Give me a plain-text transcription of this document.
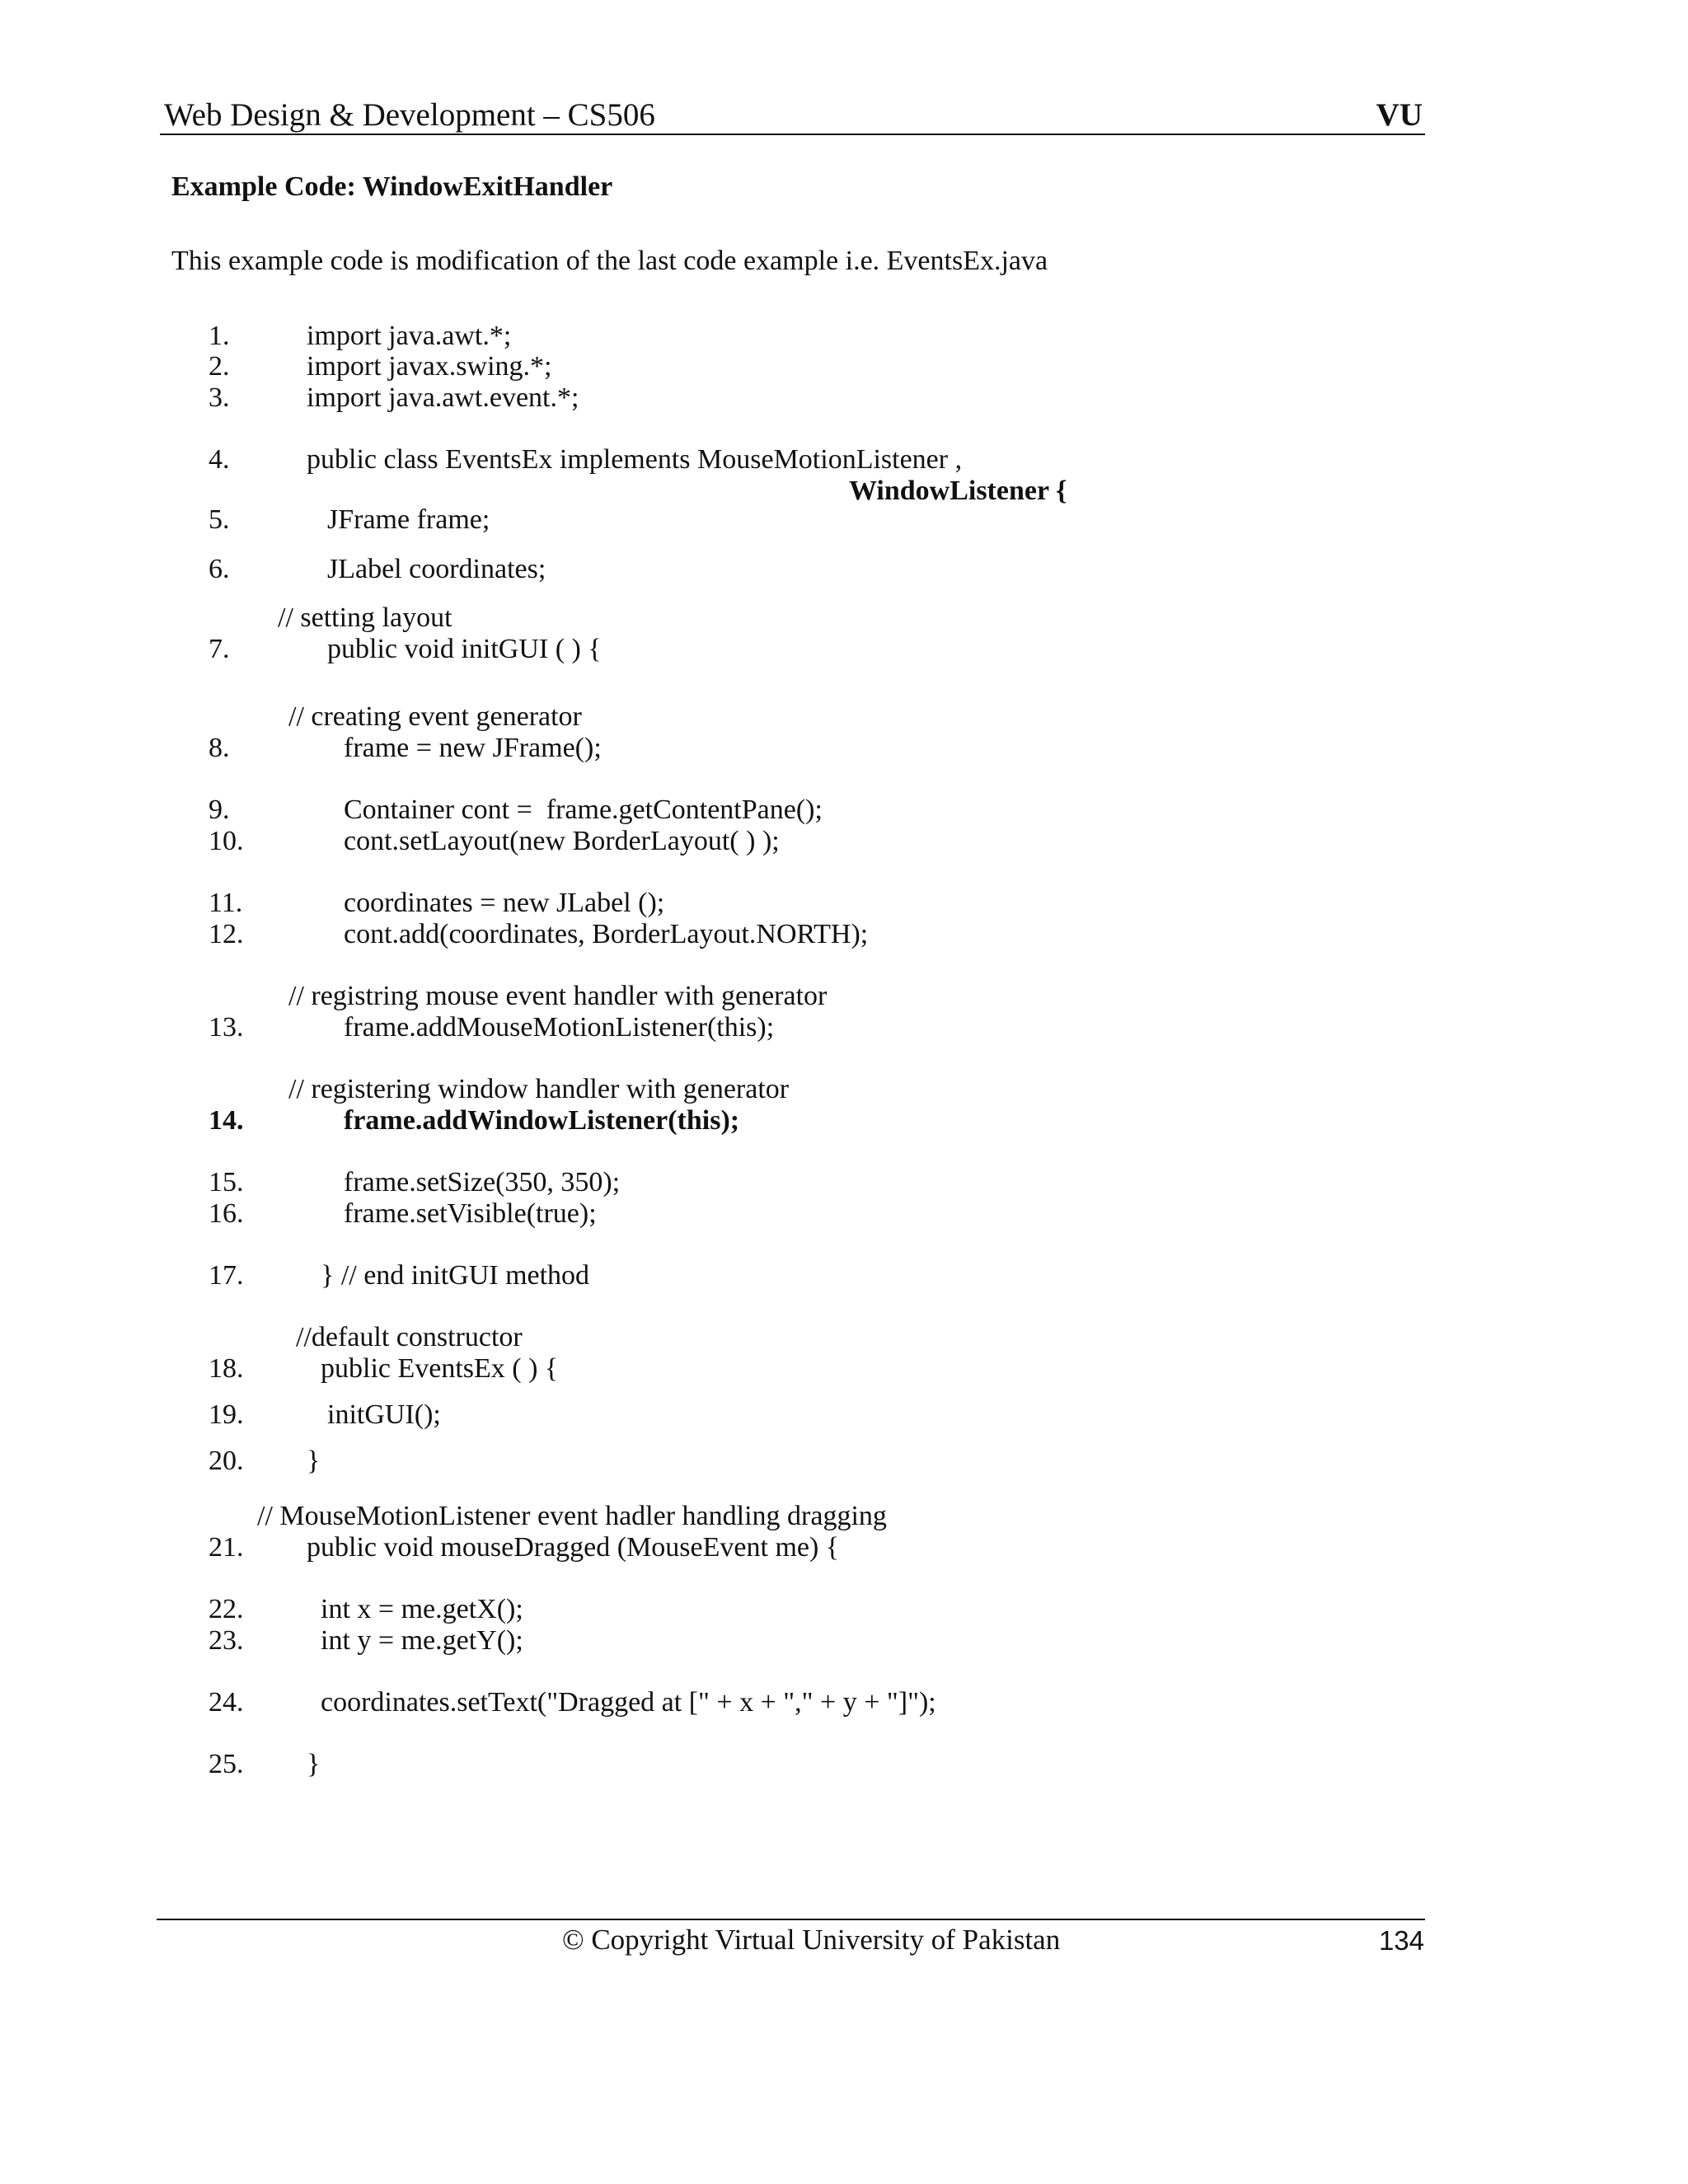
Web Design & Development – CS506	VU
Example Code: WindowExitHandler
This example code is modification of the last code example i.e. EventsEx.java
1.	import java.awt.*;
2.	import javax.swing.*;
3.	import java.awt.event.*;
4.	public class EventsEx implements MouseMotionListener ,
WindowListener {
5.	JFrame frame;
6.	JLabel coordinates;
// setting layout
7.	public void initGUI ( ) {
// creating event generator
8.	frame = new JFrame();
9.	Container cont =  frame.getContentPane();
10.	cont.setLayout(new BorderLayout( ) );
11.	coordinates = new JLabel ();
12.	cont.add(coordinates, BorderLayout.NORTH);
// registring mouse event handler with generator
13.	frame.addMouseMotionListener(this);
// registering window handler with generator
14.	frame.addWindowListener(this);
15.	frame.setSize(350, 350);
16.	frame.setVisible(true);
17.	} // end initGUI method
//default constructor
18.	public EventsEx ( ) {
19.	initGUI();
20. }
// MouseMotionListener event hadler handling dragging
21. public void mouseDragged (MouseEvent me) {
22.	int x = me.getX();
23.	int y = me.getY();
24.	coordinates.setText("Dragged at [" + x + "," + y + "]");
25. }
© Copyright Virtual University of Pakistan	134
